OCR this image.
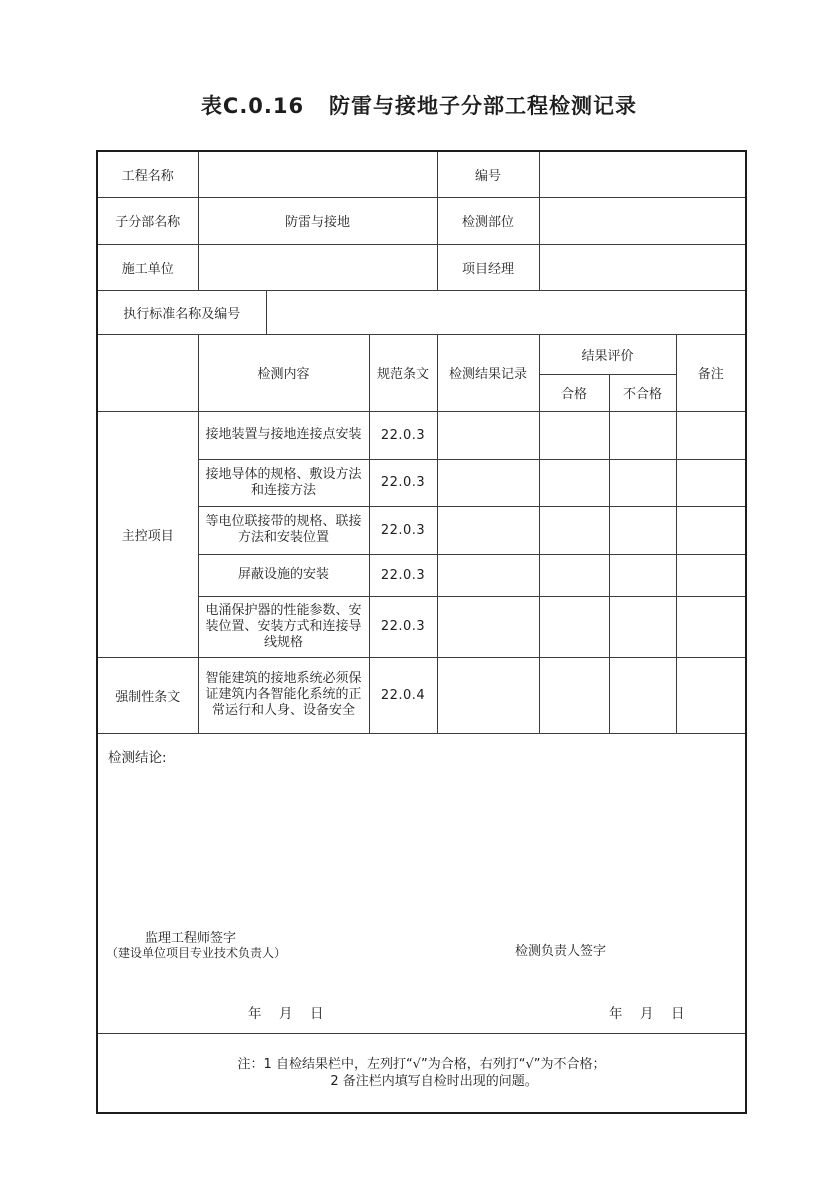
表C.0.16   防雷与接地子分部工程检测记录
工程名称				编号			
子分部名称	防雷与接地			检测部位			
施工单位				项目经理			
执行标准名称及编号							
	检测内容		规范条文	检测结果记录	结果评价		备注
					合格	不合格	
主控项目	接地装置与接地连接点安装		22.0.3				
	接地导体的规格、敷设方法和连接方法		22.0.3				
	等电位联接带的规格、联接方法和安装位置		22.0.3				
	屏蔽设施的安装		22.0.3				
	电涌保护器的性能参数、安装位置、安装方式和连接导线规格		22.0.3				
强制性条文	智能建筑的接地系统必须保证建筑内各智能化系统的正常运行和人身、设备安全		22.0.4				

检测结论:
监理工程师签字
（建设单位项目专业技术负责人）	检测负责人签字
年　月　日	年　月　日

注：1 自检结果栏中，左列打“√”为合格，右列打“√”为不合格；
2 备注栏内填写自检时出现的问题。							
